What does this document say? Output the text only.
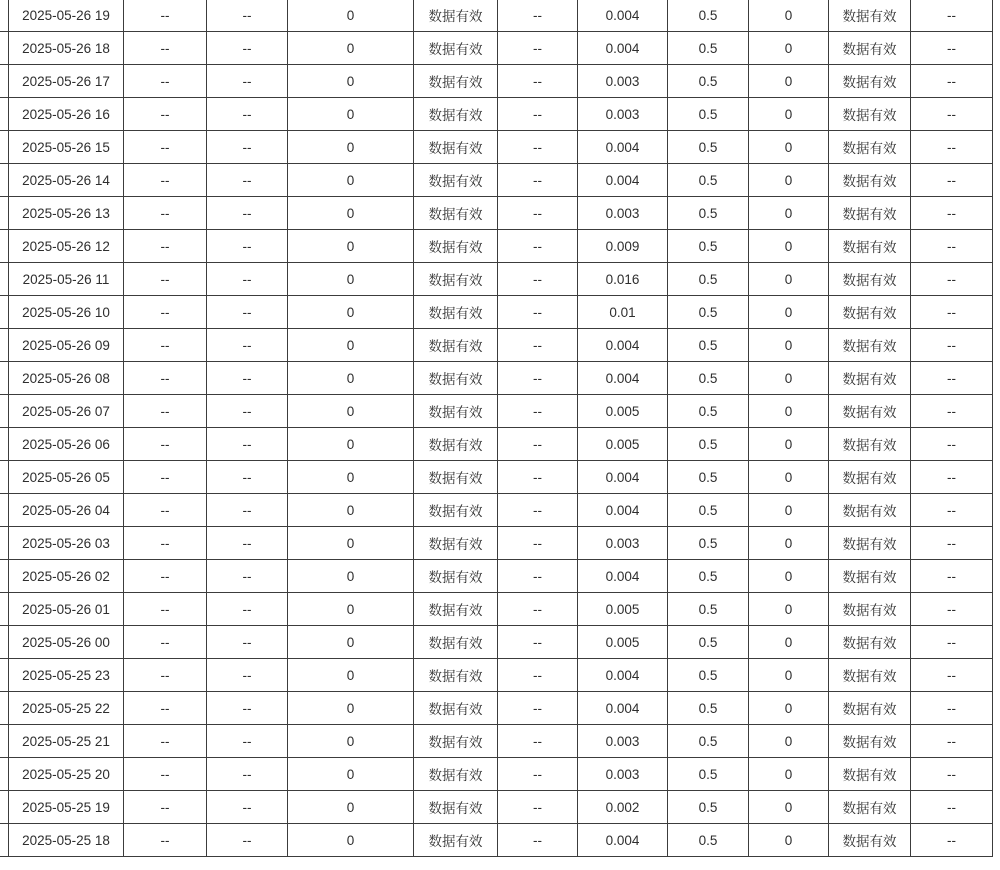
	2025-05-26 19	--	--	0	数据有效	--	0.004	0.5	0	数据有效	--
	2025-05-26 18	--	--	0	数据有效	--	0.004	0.5	0	数据有效	--
	2025-05-26 17	--	--	0	数据有效	--	0.003	0.5	0	数据有效	--
	2025-05-26 16	--	--	0	数据有效	--	0.003	0.5	0	数据有效	--
	2025-05-26 15	--	--	0	数据有效	--	0.004	0.5	0	数据有效	--
	2025-05-26 14	--	--	0	数据有效	--	0.004	0.5	0	数据有效	--
	2025-05-26 13	--	--	0	数据有效	--	0.003	0.5	0	数据有效	--
	2025-05-26 12	--	--	0	数据有效	--	0.009	0.5	0	数据有效	--
	2025-05-26 11	--	--	0	数据有效	--	0.016	0.5	0	数据有效	--
	2025-05-26 10	--	--	0	数据有效	--	0.01	0.5	0	数据有效	--
	2025-05-26 09	--	--	0	数据有效	--	0.004	0.5	0	数据有效	--
	2025-05-26 08	--	--	0	数据有效	--	0.004	0.5	0	数据有效	--
	2025-05-26 07	--	--	0	数据有效	--	0.005	0.5	0	数据有效	--
	2025-05-26 06	--	--	0	数据有效	--	0.005	0.5	0	数据有效	--
	2025-05-26 05	--	--	0	数据有效	--	0.004	0.5	0	数据有效	--
	2025-05-26 04	--	--	0	数据有效	--	0.004	0.5	0	数据有效	--
	2025-05-26 03	--	--	0	数据有效	--	0.003	0.5	0	数据有效	--
	2025-05-26 02	--	--	0	数据有效	--	0.004	0.5	0	数据有效	--
	2025-05-26 01	--	--	0	数据有效	--	0.005	0.5	0	数据有效	--
	2025-05-26 00	--	--	0	数据有效	--	0.005	0.5	0	数据有效	--
	2025-05-25 23	--	--	0	数据有效	--	0.004	0.5	0	数据有效	--
	2025-05-25 22	--	--	0	数据有效	--	0.004	0.5	0	数据有效	--
	2025-05-25 21	--	--	0	数据有效	--	0.003	0.5	0	数据有效	--
	2025-05-25 20	--	--	0	数据有效	--	0.003	0.5	0	数据有效	--
	2025-05-25 19	--	--	0	数据有效	--	0.002	0.5	0	数据有效	--
	2025-05-25 18	--	--	0	数据有效	--	0.004	0.5	0	数据有效	--
